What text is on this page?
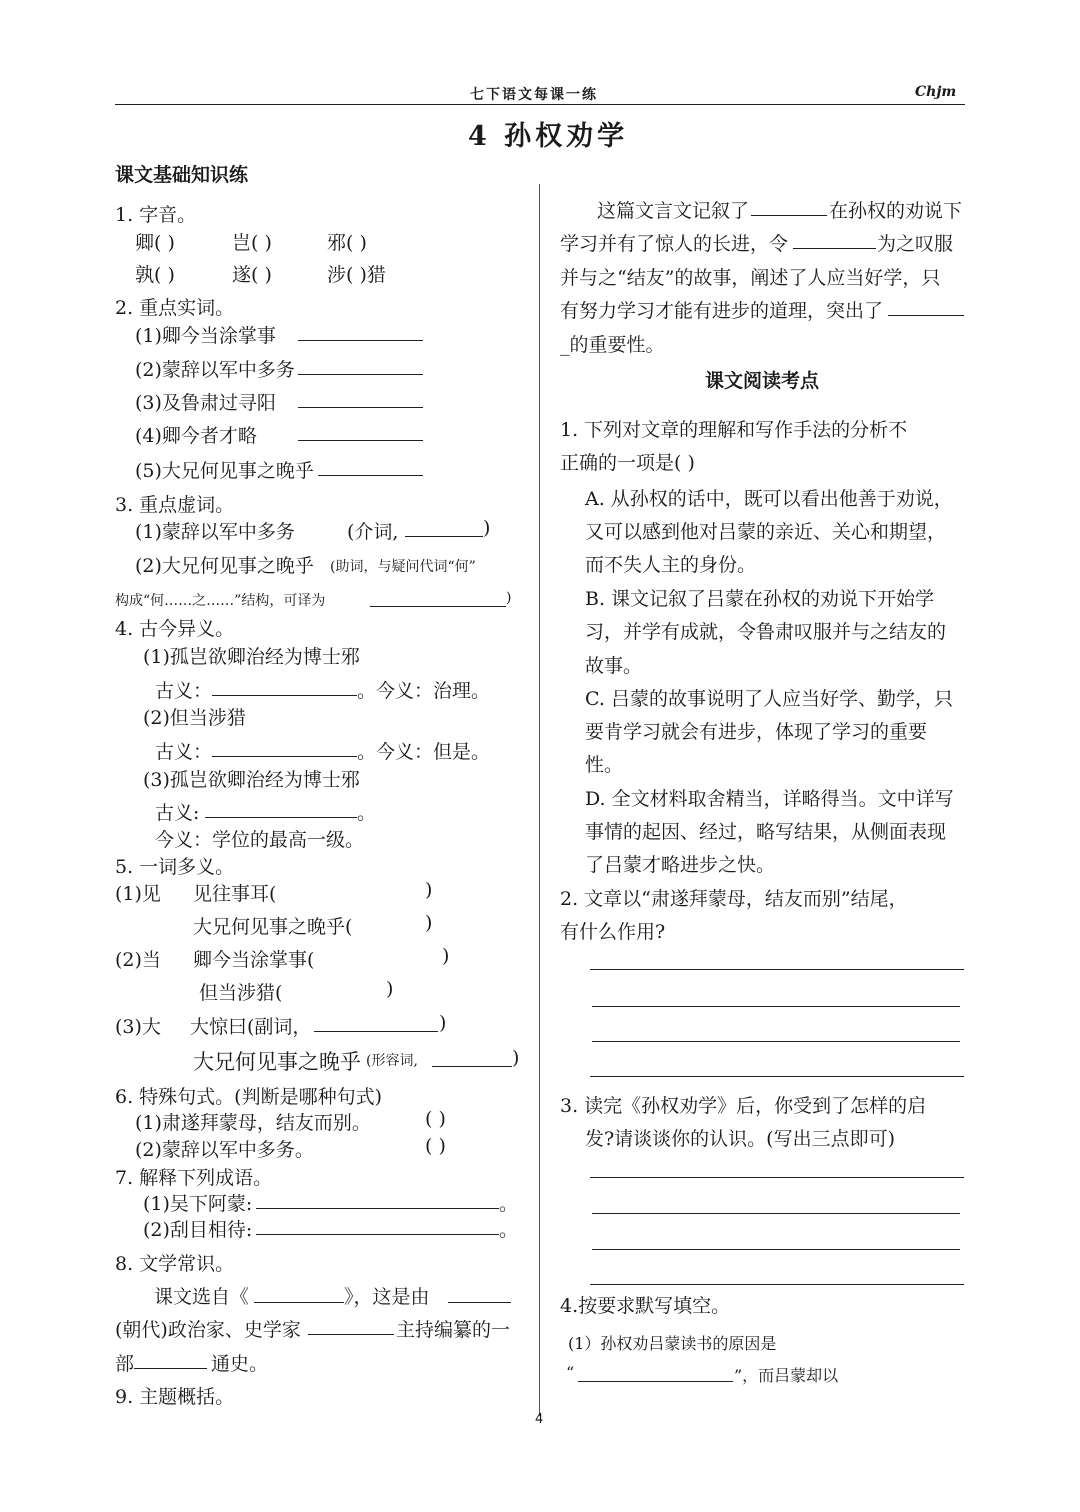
七下语文每课一练	Chjm
4 孙权劝学
课文基础知识练
1. 字音。
卿( )	岂( )	邪( )
孰( )	遂( )	涉( )猎
2. 重点实词。
(1)卿今当涂掌事
(2)蒙辞以军中多务
(3)及鲁肃过寻阳
(4)卿今者才略
(5)大兄何见事之晚乎
3. 重点虚词。
(1)蒙辞以军中多务	(介词,	)
(2)大兄何见事之晚乎 (助词，与疑问代词“何”
构成“何……之……”结构，可译为	)
4. 古今异义。
(1)孤岂欲卿治经为博士邪
古义：	。今义：治理。
(2)但当涉猎
古义：	。今义：但是。
(3)孤岂欲卿治经为博士邪
古义:	。
今义：学位的最高一级。
5. 一词多义。
(1)见 见往事耳(	)
大兄何见事之晚乎(	)
(2)当 卿今当涂掌事(	)
但当涉猎(	)
(3)大 大惊曰(副词，	)
大兄何见事之晚乎 (形容词,	)
6. 特殊句式。(判断是哪种句式)
(1)肃遂拜蒙母，结友而别。	( )
(2)蒙辞以军中多务。	( )
7. 解释下列成语。
(1)吴下阿蒙:	。
(2)刮目相待:	。
8. 文学常识。
课文选自《	》，这是由
(朝代)政治家、史学家	主持编纂的一
部	通史。
9. 主题概括。
这篇文言文记叙了	在孙权的劝说下
学习并有了惊人的长进，令	为之叹服
并与之“结友”的故事，阐述了人应当好学，只
有努力学习才能有进步的道理，突出了
_的重要性。
课文阅读考点
1. 下列对文章的理解和写作手法的分析不
正确的一项是( )
A. 从孙权的话中，既可以看出他善于劝说，
又可以感到他对吕蒙的亲近、关心和期望，
而不失人主的身份。
B. 课文记叙了吕蒙在孙权的劝说下开始学
习，并学有成就，令鲁肃叹服并与之结友的
故事。
C. 吕蒙的故事说明了人应当好学、勤学，只
要肯学习就会有进步，体现了学习的重要
性。
D. 全文材料取舍精当，详略得当。文中详写
事情的起因、经过，略写结果，从侧面表现
了吕蒙才略进步之快。
2. 文章以“肃遂拜蒙母，结友而别”结尾，
有什么作用?
3. 读完《孙权劝学》后，你受到了怎样的启
发?请谈谈你的认识。(写出三点即可)
4.按要求默写填空。
(1）孙权劝吕蒙读书的原因是
“	”，而吕蒙却以
4
